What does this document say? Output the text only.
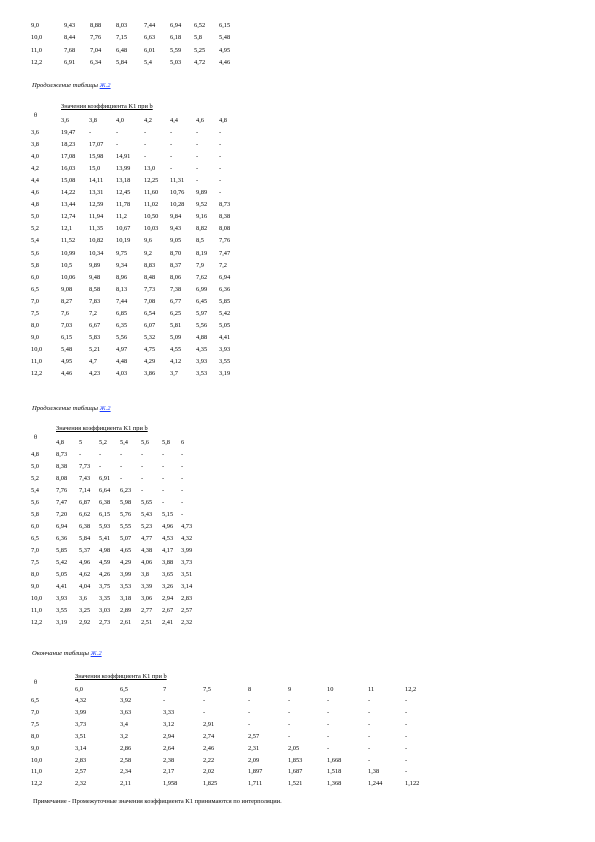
9,0	9,43 8,88 8,03	7,44 6,94 6,52 6,15
10,0	8,44 7,76 7,15	6,63 6,18 5,8	5,48
11,0	7,68 7,04 6,48	6,01 5,59 5,25 4,95
12,2	6,91 6,34 5,84	5,4	5,03 4,72 4,46
Продолжение таблицы Ж.2
θ
Значения коэффициента K1 при b
3,6	3,8	4,0	4,2	4,4	4,6 4,8
3,6	19,47 -	-	-	-	-	-
3,8	18,23 17,07 -	-	-	-	-
4,0	17,08 15,98 14,91 -	-	-	-
4,2	16,03 15,0 13,99 13,0 -	-	-
4,4	15,08 14,11 13,18 12,25 11,31 -	-
4,6	14,22 13,31 12,45 11,60 10,76 9,89 -
4,8	13,44 12,59 11,78 11,02 10,28 9,52 8,73
5,0	12,74 11,94 11,2	10,50 9,84 9,16 8,38
5,2	12,1	11,35 10,67 10,03 9,43 8,82 8,08
5,4	11,52 10,82 10,19 9,6	9,05 8,5 7,76
5,6	10,99 10,34 9,75	9,2	8,70 8,19 7,47
5,8	10,5	9,89 9,34	8,83 8,37 7,9 7,2
6,0	10,06 9,48 8,96	8,48 8,06 7,62 6,94
6,5	9,08	8,58 8,13	7,73 7,38 6,99 6,36
7,0	8,27	7,83 7,44	7,08 6,77 6,45 5,85
7,5	7,6	7,2	6,85	6,54 6,25 5,97 5,42
8,0	7,03	6,67 6,35	6,07 5,81 5,56 5,05
9,0	6,15	5,83 5,56	5,32 5,09 4,88 4,41
10,0	5,48	5,21 4,97	4,75 4,55 4,35 3,93
11,0	4,95	4,7	4,48	4,29 4,12 3,93 3,55
12,2	4,46	4,23 4,03	3,86 3,7	3,53 3,19
Продолжение таблицы Ж.2
θ
Значения коэффициента K1 при b
4,8 5	5,2 5,4 5,6 5,8 6
4,8	8,73 -	-	-	-	-	-
5,0	8,38 7,73 -	-	-	-	-
5,2	8,08 7,43 6,91 -	-	-	-
5,4	7,76 7,14 6,64 6,23 -	-	-
5,6	7,47 6,87 6,38 5,98 5,65 -	-
5,8	7,20 6,62 6,15 5,76 5,43 5,15 -
6,0	6,94 6,38 5,93 5,55 5,23 4,96 4,73
6,5	6,36 5,84 5,41 5,07 4,77 4,53 4,32
7,0	5,85 5,37 4,98 4,65 4,38 4,17 3,99
7,5	5,42 4,96 4,59 4,29 4,06 3,88 3,73
8,0	5,05 4,62 4,26 3,99 3,8 3,65 3,51
9,0	4,41 4,04 3,75 3,53 3,39 3,26 3,14
10,0 3,93 3,6 3,35 3,18 3,06 2,94 2,83
11,0 3,55 3,25 3,03 2,89 2,77 2,67 2,57
12,2 3,19 2,92 2,73 2,61 2,51 2,41 2,32
Окончание таблицы Ж.2
θ
Значения коэффициента K1 при b
6,0	6,5	7	7,5	8	9	10	11	12,2
6,5	4,32	3,92	-	-	-	-	-	-	-
7,0	3,99	3,63	3,33	-	-	-	-	-	-
7,5	3,73	3,4	3,12	2,91	-	-	-	-	-
8,0	3,51	3,2	2,94	2,74	2,57	-	-	-	-
9,0	3,14	2,86	2,64	2,46	2,31	2,05	-	-	-
10,0	2,83	2,58	2,38	2,22	2,09	1,853	1,668	-	-
11,0	2,57	2,34	2,17	2,02	1,897	1,687	1,518	1,38	-
12,2	2,32	2,11	1,958	1,825	1,711	1,521	1,368	1,244	1,122
Примечание - Промежуточные значения коэффициента K1 принимаются по интерполяции.
